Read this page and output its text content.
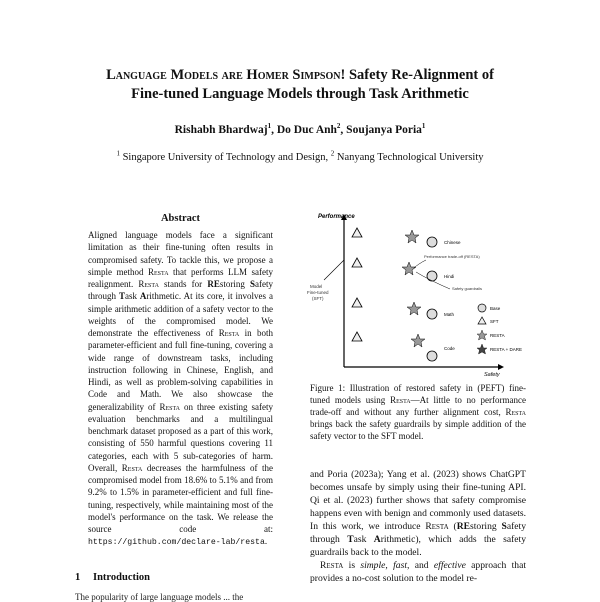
Language Models are Homer Simpson! Safety Re-Alignment of
Fine-tuned Language Models through Task Arithmetic
Rishabh Bhardwaj$^1$, Do Duc Anh$^2$, Soujanya Poria$^1$
$^1$ Singapore University of Technology and Design, $^2$ Nanyang Technological University
Abstract

Aligned language models face a significant limitation as their fine-tuning often results in compromised safety. To tackle this, we propose a simple method Resta that performs LLM safety realignment. Resta stands for REstoring Safety through Task Arithmetic. At its core, it involves a simple arithmetic addition of a safety vector to the weights of the compromised model. We demonstrate the effectiveness of Resta in both parameter-efficient and full fine-tuning, covering a wide range of downstream tasks, including instruction following in Chinese, English, and Hindi, as well as problem-solving capabilities in Code and Math. We also showcase the generalizability of Resta on three existing safety evaluation benchmarks and a multilingual benchmark dataset proposed as a part of this work, consisting of 550 harmful questions covering 11 categories, each with 5 sub-categories of harm. Overall, Resta decreases the harmfulness of the compromised model from 18.6% to 5.1% and from 9.2% to 1.5% in parameter-efficient and full fine-tuning, respectively, while maintaining most of the model's performance on the task. We release the source code at: https://github.com/declare-lab/resta.

1 Introduction
The popularity of large language models ... the
Performance
Safety
Model Fine-tuned (SFT)
Chinese
Hindi
Math
Code
Performance trade-off (RESTA)
Safety guardrails
Base
SFT
RESTA
RESTA + DARE

Figure 1: Illustration of restored safety in (PEFT) fine-tuned models using Resta—At little to no performance trade-off and without any further alignment cost, Resta brings back the safety guardrails by simple addition of the safety vector to the SFT model.

and Poria (2023a); Yang et al. (2023) shows ChatGPT becomes unsafe by simply using their fine-tuning API. Qi et al. (2023) further shows that safety compromise happens even with benign and commonly used datasets. In this work, we introduce Resta (REstoring Safety through Task Arithmetic), which adds the safety guardrails back to the model.

Resta is simple, fast, and effective approach that provides a no-cost solution to the model re-
